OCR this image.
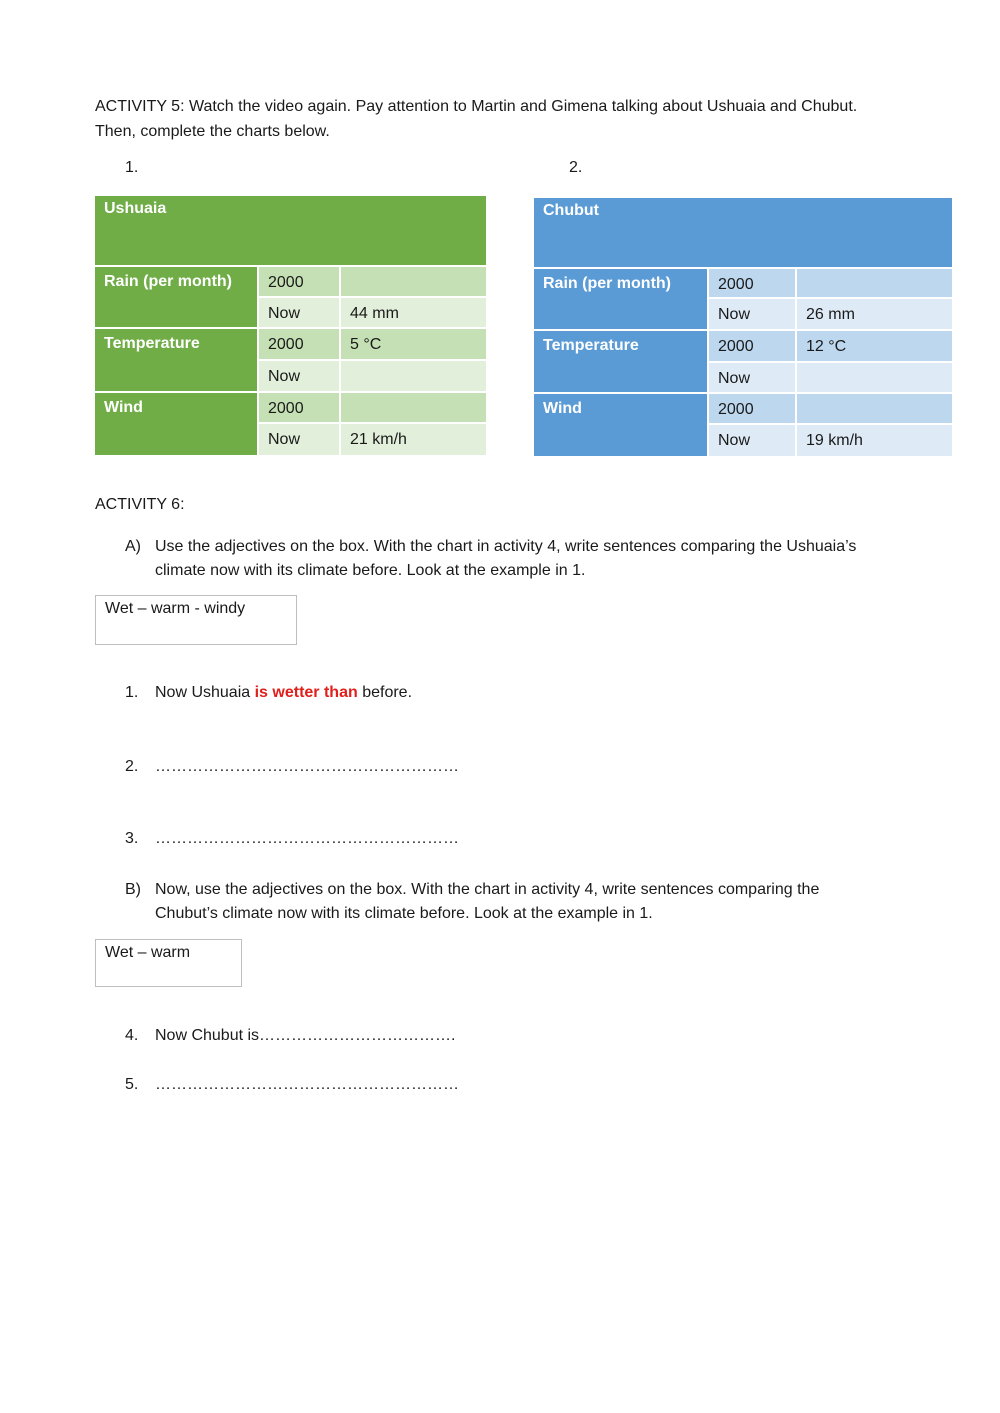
ACTIVITY 5: Watch the video again. Pay attention to Martin and Gimena talking about Ushuaia and Chubut.
Then, complete the charts below.
1.	2.
Ushuaia		
Rain (per month)	2000	
	Now	44 mm
Temperature	2000	5 °C
	Now	
Wind	2000	
	Now	21 km/h
Chubut		
Rain (per month)	2000	
	Now	26 mm
Temperature	2000	12 °C
	Now	
Wind	2000	
	Now	19 km/h
ACTIVITY 6:
A) Use the adjectives on the box. With the chart in activity 4, write sentences comparing the Ushuaia’s
climate now with its climate before. Look at the example in 1.
Wet – warm - windy
1. Now Ushuaia is wetter than before.
2. …………………………………………………
3. …………………………………………………
B) Now, use the adjectives on the box. With the chart in activity 4, write sentences comparing the
Chubut’s climate now with its climate before. Look at the example in 1.
Wet – warm
4. Now Chubut is……………………………….
5. …………………………………………………
